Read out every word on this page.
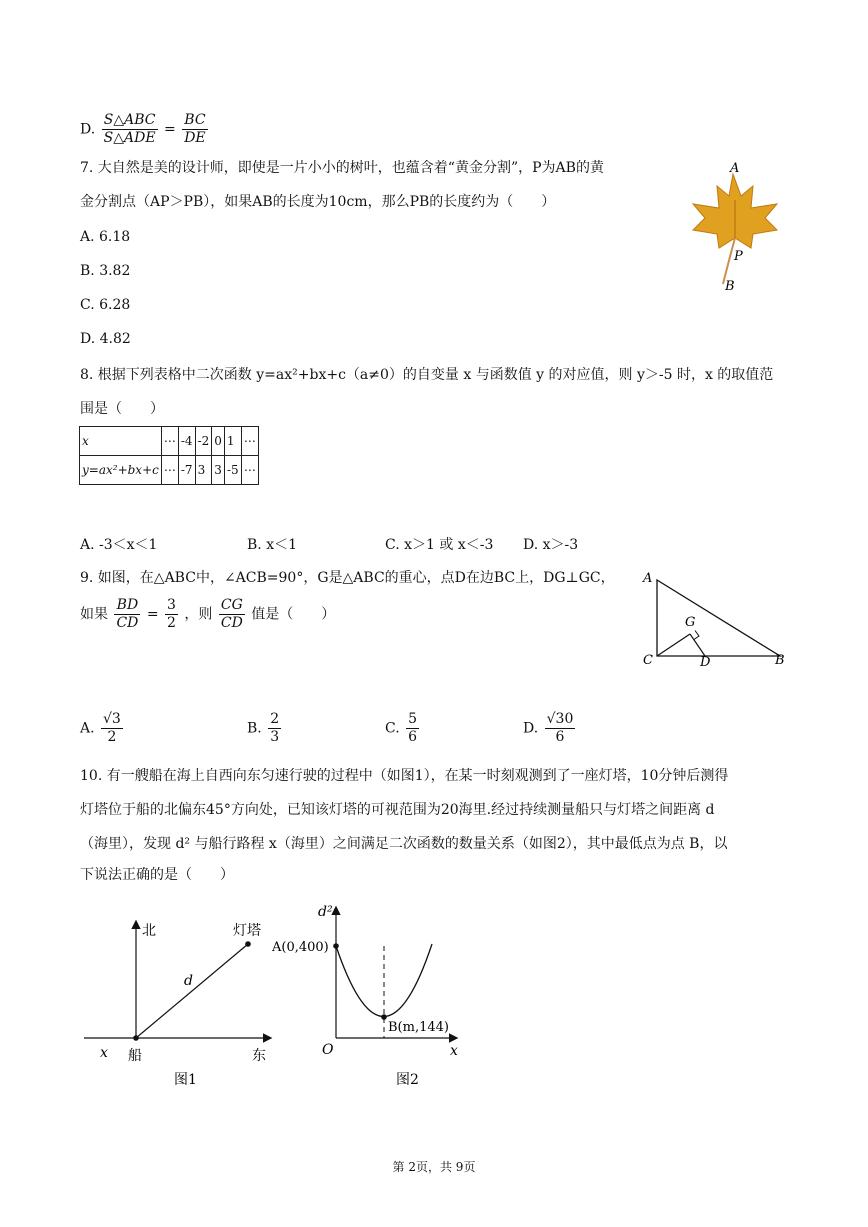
D. $\frac{\text{S△ABC}}{\text{S△ADE}} = \frac{BC}{DE}$
7. 大自然是美的设计师，即使是一片小小的树叶，也蕴含着“黄金分割”，P为AB的黄
金分割点（AP＞PB），如果AB的长度为10cm，那么PB的长度约为（　　）
A. 6.18
B. 3.82
C. 6.28
D. 4.82
A
P
B
8. 根据下列表格中二次函数 y=ax²+bx+c（a≠0）的自变量 x 与函数值 y 的对应值，则 y＞-5 时，x 的取值范
围是（　　）
x	⋯	-4	-2	0	1	⋯
y=ax²+bx+c	⋯	-7	3	3	-5	⋯
A. -3＜x＜1	B. x＜1	C. x＞1 或 x＜-3 D. x＞-3
9. 如图，在△ABC中，∠ACB=90°，G是△ABC的重心，点D在边BC上，DG⊥GC，
如果 $\frac{BD}{CD} = \frac{3}{2}$ ，则 $\frac{CG}{CD}$ 值是（　　）
A
C	B
D
G
A. $\frac{√3}{2}$	B. $\frac{2}{3}$	C. $\frac{5}{6}$	D. $\frac{√30}{6}$
10. 有一艘船在海上自西向东匀速行驶的过程中（如图1），在某一时刻观测到了一座灯塔，10分钟后测得
灯塔位于船的北偏东45°方向处，已知该灯塔的可视范围为20海里.经过持续测量船只与灯塔之间距离 d
（海里），发现 d² 与船行路程 x（海里）之间满足二次函数的数量关系（如图2），其中最低点为点 B，以
下说法正确的是（　　）
北	灯塔
d
x 船	东
图1
d²
A(0,400)
B(m,144)
O	x
图2
第 2页，共 9页
